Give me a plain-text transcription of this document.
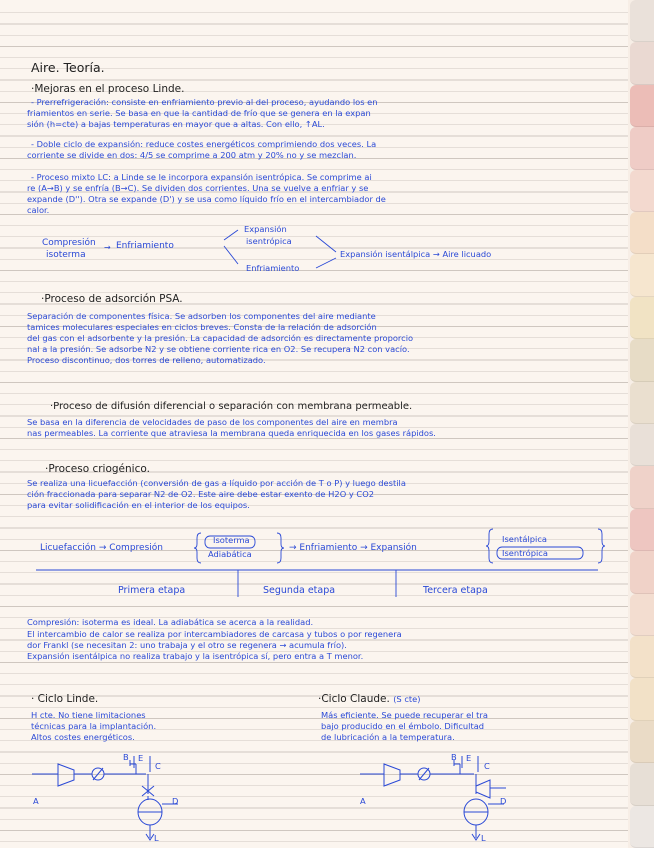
Aire. Teoría.
·Mejoras en el proceso Linde.
- Prerrefrigeración: consiste en enfriamiento previo al del proceso, ayudando los en
friamientos en serie. Se basa en que la cantidad de frío que se genera en la expan
sión (h=cte) a bajas temperaturas en mayor que a altas. Con ello, ↑AL.
- Doble ciclo de expansión: reduce costes energéticos comprimiendo dos veces. La
corriente se divide en dos: 4/5 se comprime a 200 atm y 20% no y se mezclan.
- Proceso mixto LC: a Linde se le incorpora expansión isentrópica. Se comprime ai
re (A→B) y se enfría (B→C). Se dividen dos corrientes. Una se vuelve a enfriar y se
expande (D''). Otra se expande (D') y se usa como líquido frío en el intercambiador de
calor.
Compresión
isoterma
→ Enfriamiento
Expansión
isentrópica
Enfriamiento
Expansión isentálpica → Aire licuado
·Proceso de adsorción PSA.
Separación de componentes física. Se adsorben los componentes del aire mediante
tamices moleculares especiales en ciclos breves. Consta de la relación de adsorción
del gas con el adsorbente y la presión. La capacidad de adsorción es directamente proporcio
nal a la presión. Se adsorbe N2 y se obtiene corriente rica en O2. Se recupera N2 con vacío.
Proceso discontinuo, dos torres de relleno, automatizado.
·Proceso de difusión diferencial o separación con membrana permeable.
Se basa en la diferencia de velocidades de paso de los componentes del aire en membra
nas permeables. La corriente que atraviesa la membrana queda enriquecida en los gases rápidos.
·Proceso criogénico.
Se realiza una licuefacción (conversión de gas a líquido por acción de T o P) y luego destila
ción fraccionada para separar N2 de O2. Este aire debe estar exento de H2O y CO2
para evitar solidificación en el interior de los equipos.
Licuefacción → Compresión
Isoterma
Adiabática
→ Enfriamiento → Expansión
Isentálpica
Isentrópica
Primera etapa	Segunda etapa	Tercera etapa
Compresión: isoterma es ideal. La adiabática se acerca a la realidad.
El intercambio de calor se realiza por intercambiadores de carcasa y tubos o por regenera
dor Frankl (se necesitan 2: uno trabaja y el otro se regenera → acumula frío).
Expansión isentálpica no realiza trabajo y la isentrópica sí, pero entra a T menor.
· Ciclo Linde.
H cte. No tiene limitaciones
técnicas para la implantación.
Altos costes energéticos.
·Ciclo Claude. (S cte)
Más eficiente. Se puede recuperar el tra
bajo producido en el émbolo. Dificultad
de lubricación a la temperatura.
A
B
C
E
D
L
A
B
C
E
D
L
